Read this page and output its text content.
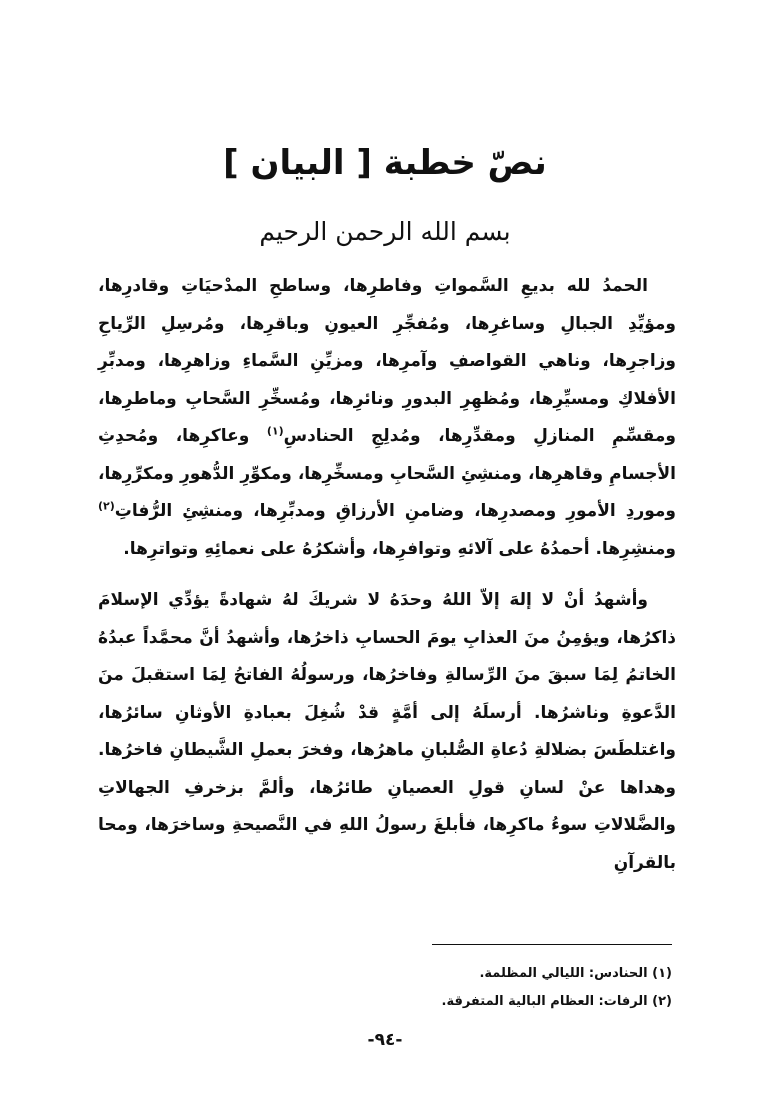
نصّ خطبة [ البيان ]
بسم الله الرحمن الرحيم

الحمدُ لله بديعِ السَّمواتِ وفاطرِها، وساطحِ المدْحيَاتِ وقادرِها، ومؤيِّدِ الجبالِ وساغرِها، ومُفجِّرِ العيونِ وباقرِها، ومُرسِلِ الرِّياحِ وزاجرِها، وناهي القواصفِ وآمرِها، ومزيِّنِ السَّماءِ وزاهرِها، ومدبِّرِ الأفلاكِ ومسيِّرِها، ومُظهِرِ البدورِ ونائرِها، ومُسخِّرِ السَّحابِ وماطرِها، ومقسِّمِ المنازلِ ومقدِّرِها، ومُدلِجِ الحنادسِ$^{(١)}$ وعاكرِها، ومُحدِثِ الأجسامِ وقاهرِها، ومنشِئِ السَّحابِ ومسخِّرِها، ومكوِّرِ الدُّهورِ ومكرِّرِها، وموردِ الأمورِ ومصدرِها، وضامنِ الأرزاقِ ومدبِّرِها، ومنشِئِ الرُّفاتِ$^{(٢)}$ ومنشِرِها. أحمدُهُ على آلائهِ وتوافرِها، وأشكرُهُ على نعمائِهِ وتواترِها.

وأشهدُ أنْ لا إلهَ إلاّ اللهُ وحدَهُ لا شريكَ لهُ شهادةً يؤدِّي الإسلامَ ذاكرُها، ويؤمِنُ منَ العذابِ يومَ الحسابِ ذاخرُها، وأشهدُ أنَّ محمَّداً عبدُهُ الخاتمُ لِمَا سبقَ منَ الرِّسالةِ وفاخرُها، ورسولُهُ الفاتحُ لِمَا استقبلَ منَ الدَّعوةِ وناشرُها. أرسلَهُ إلى أمَّةٍ قدْ شُغِلَ بعبادةِ الأوثانِ سائرُها، واغتلطَسَ بضلالةِ دُعاةِ الصُّلبانِ ماهرُها، وفخرَ بعملِ الشَّيطانِ فاخرُها. وهداها عنْ لسانِ قولِ العصيانِ طائرُها، وألمَّ بزخرفِ الجهالاتِ والضَّلالاتِ سوءُ ماكرِها، فأبلغَ رسولُ اللهِ في النَّصيحةِ وساخرَها، ومحا بالقرآنِ

(١) الحنادس: الليالي المظلمة.

(٢) الرفات: العظام البالية المتفرقة.

-٩٤-
